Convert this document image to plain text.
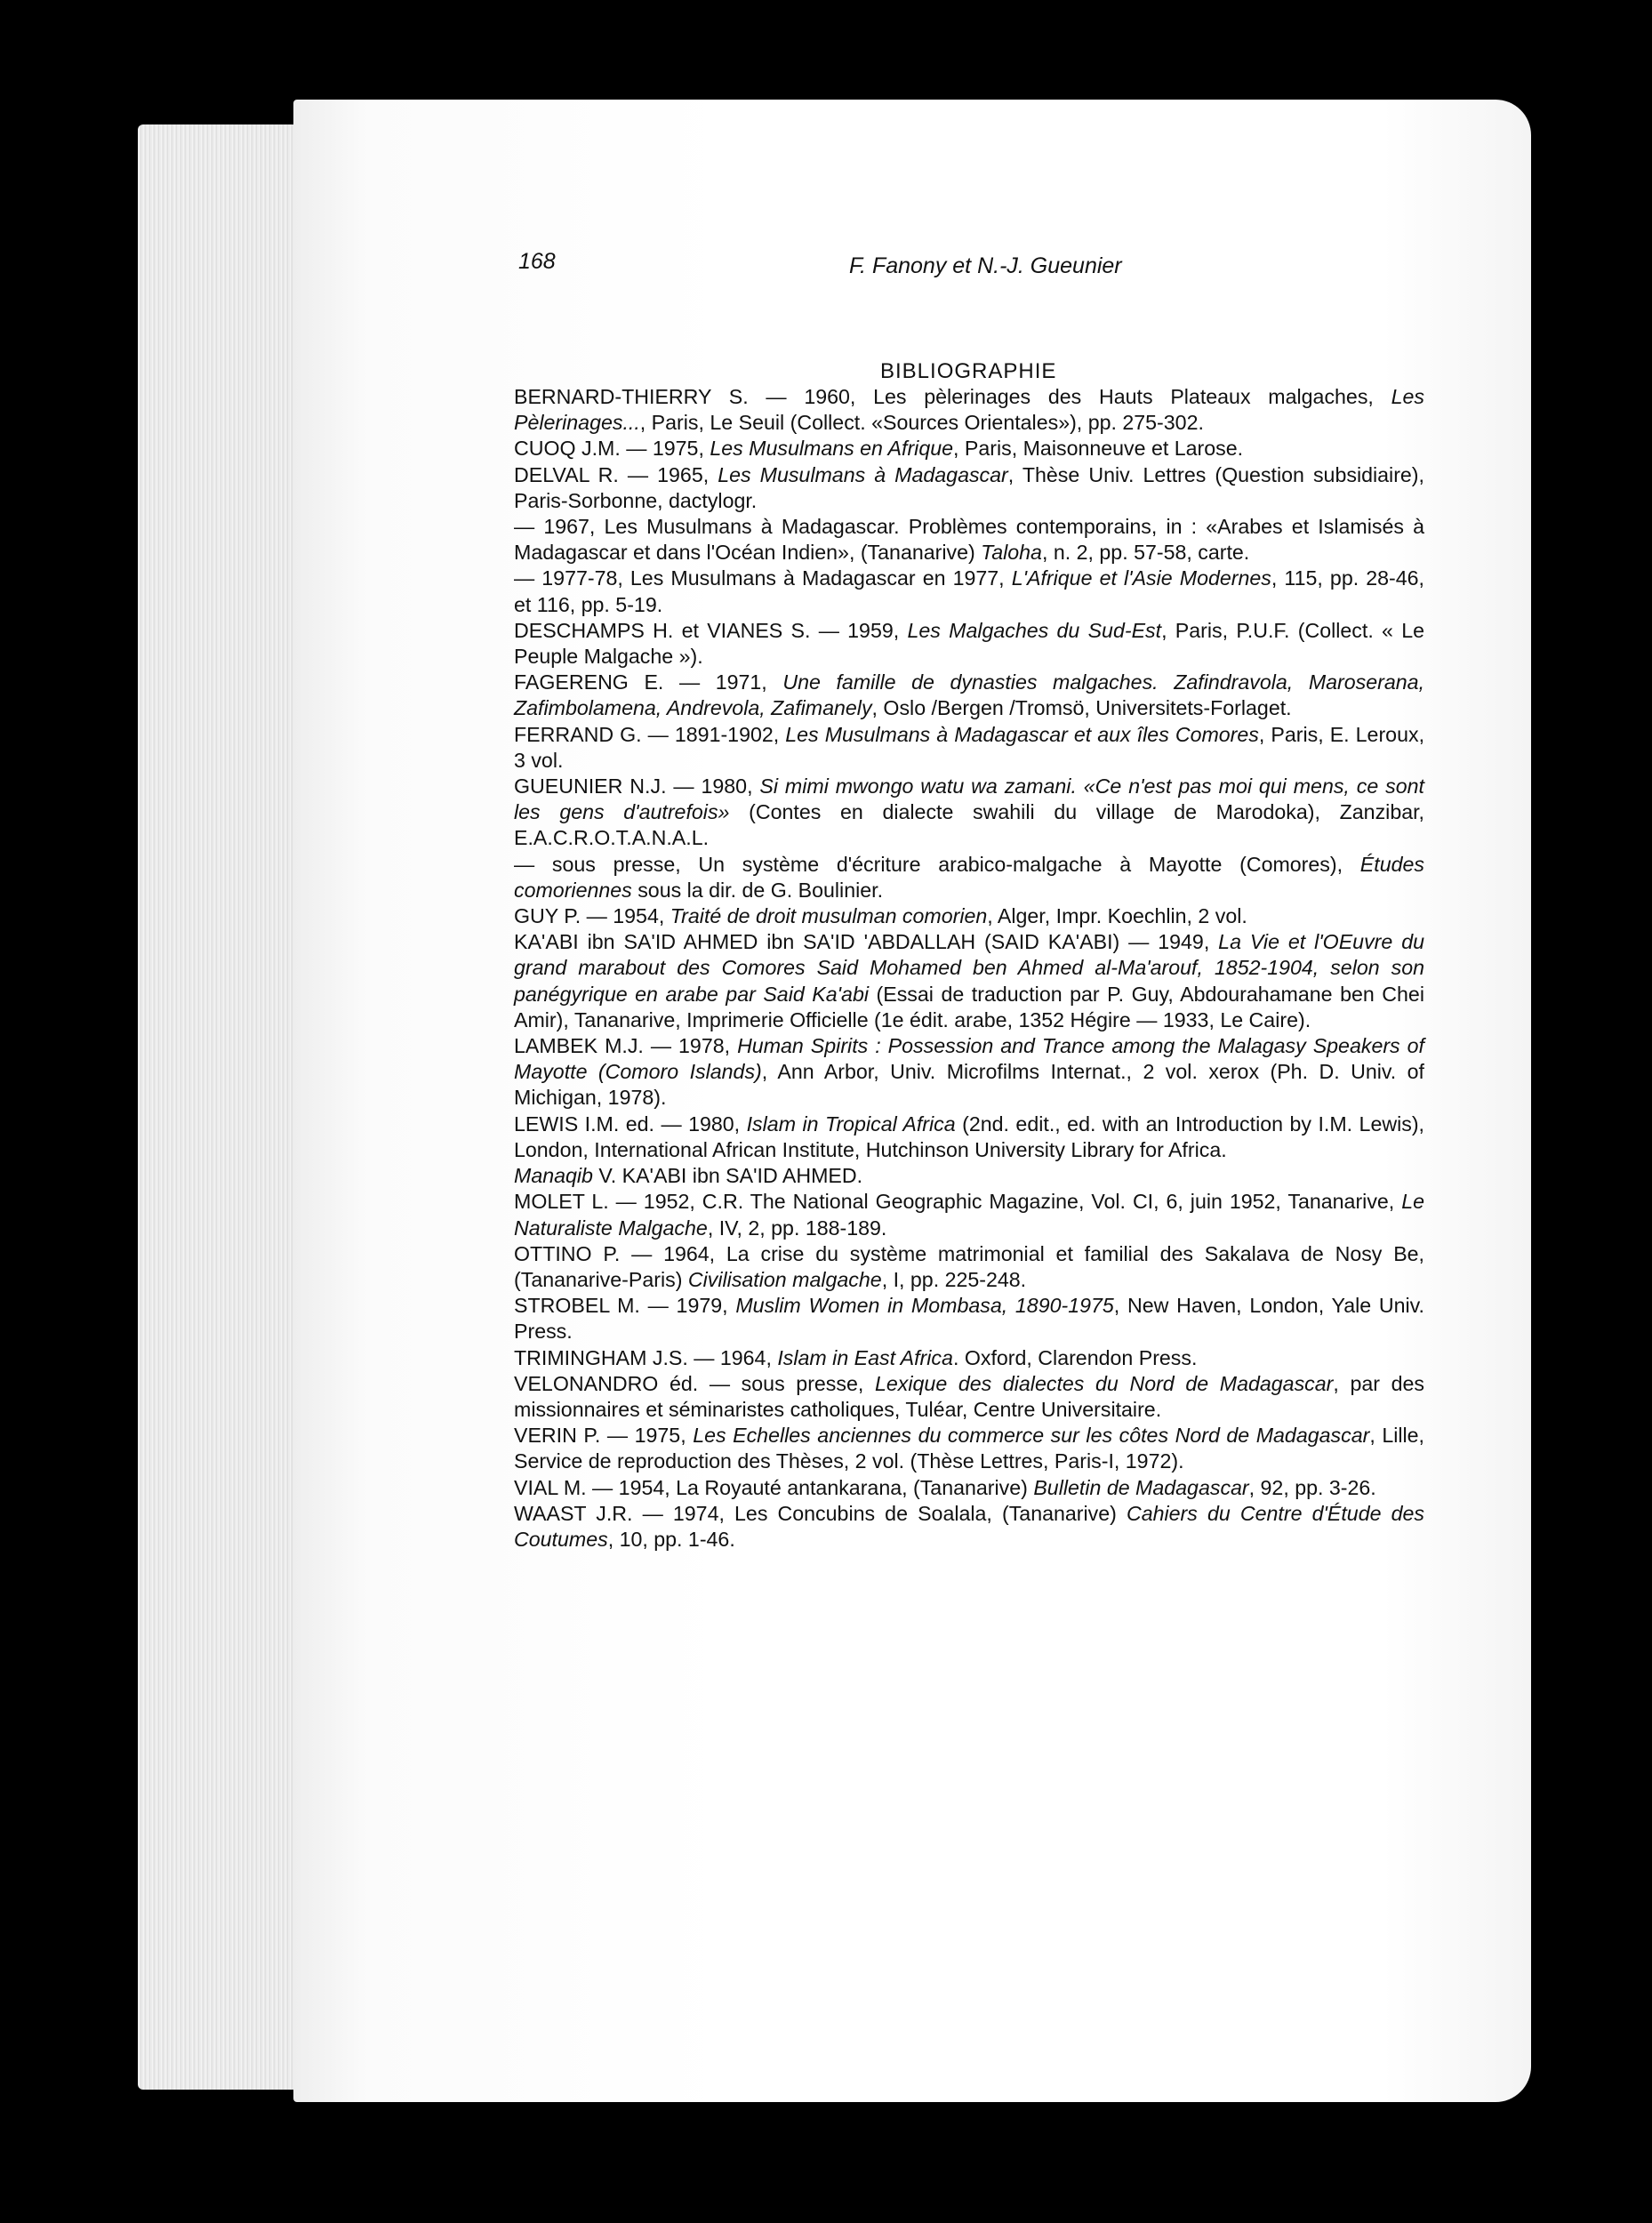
168	F. Fanony et N.-J. Gueunier
BIBLIOGRAPHIE

BERNARD-THIERRY S. — 1960, Les pèlerinages des Hauts Plateaux malgaches, Les Pèlerinages..., Paris, Le Seuil (Collect. «Sources Orientales»), pp. 275-302.

CUOQ J.M. — 1975, Les Musulmans en Afrique, Paris, Maisonneuve et Larose.

DELVAL R. — 1965, Les Musulmans à Madagascar, Thèse Univ. Lettres (Question subsidiaire), Paris-Sorbonne, dactylogr.

— 1967, Les Musulmans à Madagascar. Problèmes contemporains, in : «Arabes et Islamisés à Madagascar et dans l'Océan Indien», (Tananarive) Taloha, n. 2, pp. 57-58, carte.

— 1977-78, Les Musulmans à Madagascar en 1977, L'Afrique et l'Asie Modernes, 115, pp. 28-46, et 116, pp. 5-19.

DESCHAMPS H. et VIANES S. — 1959, Les Malgaches du Sud-Est, Paris, P.U.F. (Collect. « Le Peuple Malgache »).

FAGERENG E. — 1971, Une famille de dynasties malgaches. Zafindravola, Maroserana, Zafimbolamena, Andrevola, Zafimanely, Oslo /Bergen /Tromsö, Universitets-Forlaget.

FERRAND G. — 1891-1902, Les Musulmans à Madagascar et aux îles Comores, Paris, E. Leroux, 3 vol.

GUEUNIER N.J. — 1980, Si mimi mwongo watu wa zamani. «Ce n'est pas moi qui mens, ce sont les gens d'autrefois» (Contes en dialecte swahili du village de Marodoka), Zanzibar, E.A.C.R.O.T.A.N.A.L.

— sous presse, Un système d'écriture arabico-malgache à Mayotte (Comores), Études comoriennes sous la dir. de G. Boulinier.

GUY P. — 1954, Traité de droit musulman comorien, Alger, Impr. Koechlin, 2 vol.

KA'ABI ibn SA'ID AHMED ibn SA'ID 'ABDALLAH (SAID KA'ABI) — 1949, La Vie et l'OEuvre du grand marabout des Comores Said Mohamed ben Ahmed al-Ma'arouf, 1852-1904, selon son panégyrique en arabe par Said Ka'abi (Essai de traduction par P. Guy, Abdourahamane ben Chei Amir), Tananarive, Imprimerie Officielle (1e édit. arabe, 1352 Hégire — 1933, Le Caire).

LAMBEK M.J. — 1978, Human Spirits : Possession and Trance among the Malagasy Speakers of Mayotte (Comoro Islands), Ann Arbor, Univ. Microfilms Internat., 2 vol. xerox (Ph. D. Univ. of Michigan, 1978).

LEWIS I.M. ed. — 1980, Islam in Tropical Africa (2nd. edit., ed. with an Introduction by I.M. Lewis), London, International African Institute, Hutchinson University Library for Africa.

Manaqib V. KA'ABI ibn SA'ID AHMED.

MOLET L. — 1952, C.R. The National Geographic Magazine, Vol. CI, 6, juin 1952, Tananarive, Le Naturaliste Malgache, IV, 2, pp. 188-189.

OTTINO P. — 1964, La crise du système matrimonial et familial des Sakalava de Nosy Be, (Tananarive-Paris) Civilisation malgache, I, pp. 225-248.

STROBEL M. — 1979, Muslim Women in Mombasa, 1890-1975, New Haven, London, Yale Univ. Press.

TRIMINGHAM J.S. — 1964, Islam in East Africa. Oxford, Clarendon Press.

VELONANDRO éd. — sous presse, Lexique des dialectes du Nord de Madagascar, par des missionnaires et séminaristes catholiques, Tuléar, Centre Universitaire.

VERIN P. — 1975, Les Echelles anciennes du commerce sur les côtes Nord de Madagascar, Lille, Service de reproduction des Thèses, 2 vol. (Thèse Lettres, Paris-I, 1972).

VIAL M. — 1954, La Royauté antankarana, (Tananarive) Bulletin de Madagascar, 92, pp. 3-26.

WAAST J.R. — 1974, Les Concubins de Soalala, (Tananarive) Cahiers du Centre d'Étude des Coutumes, 10, pp. 1-46.
